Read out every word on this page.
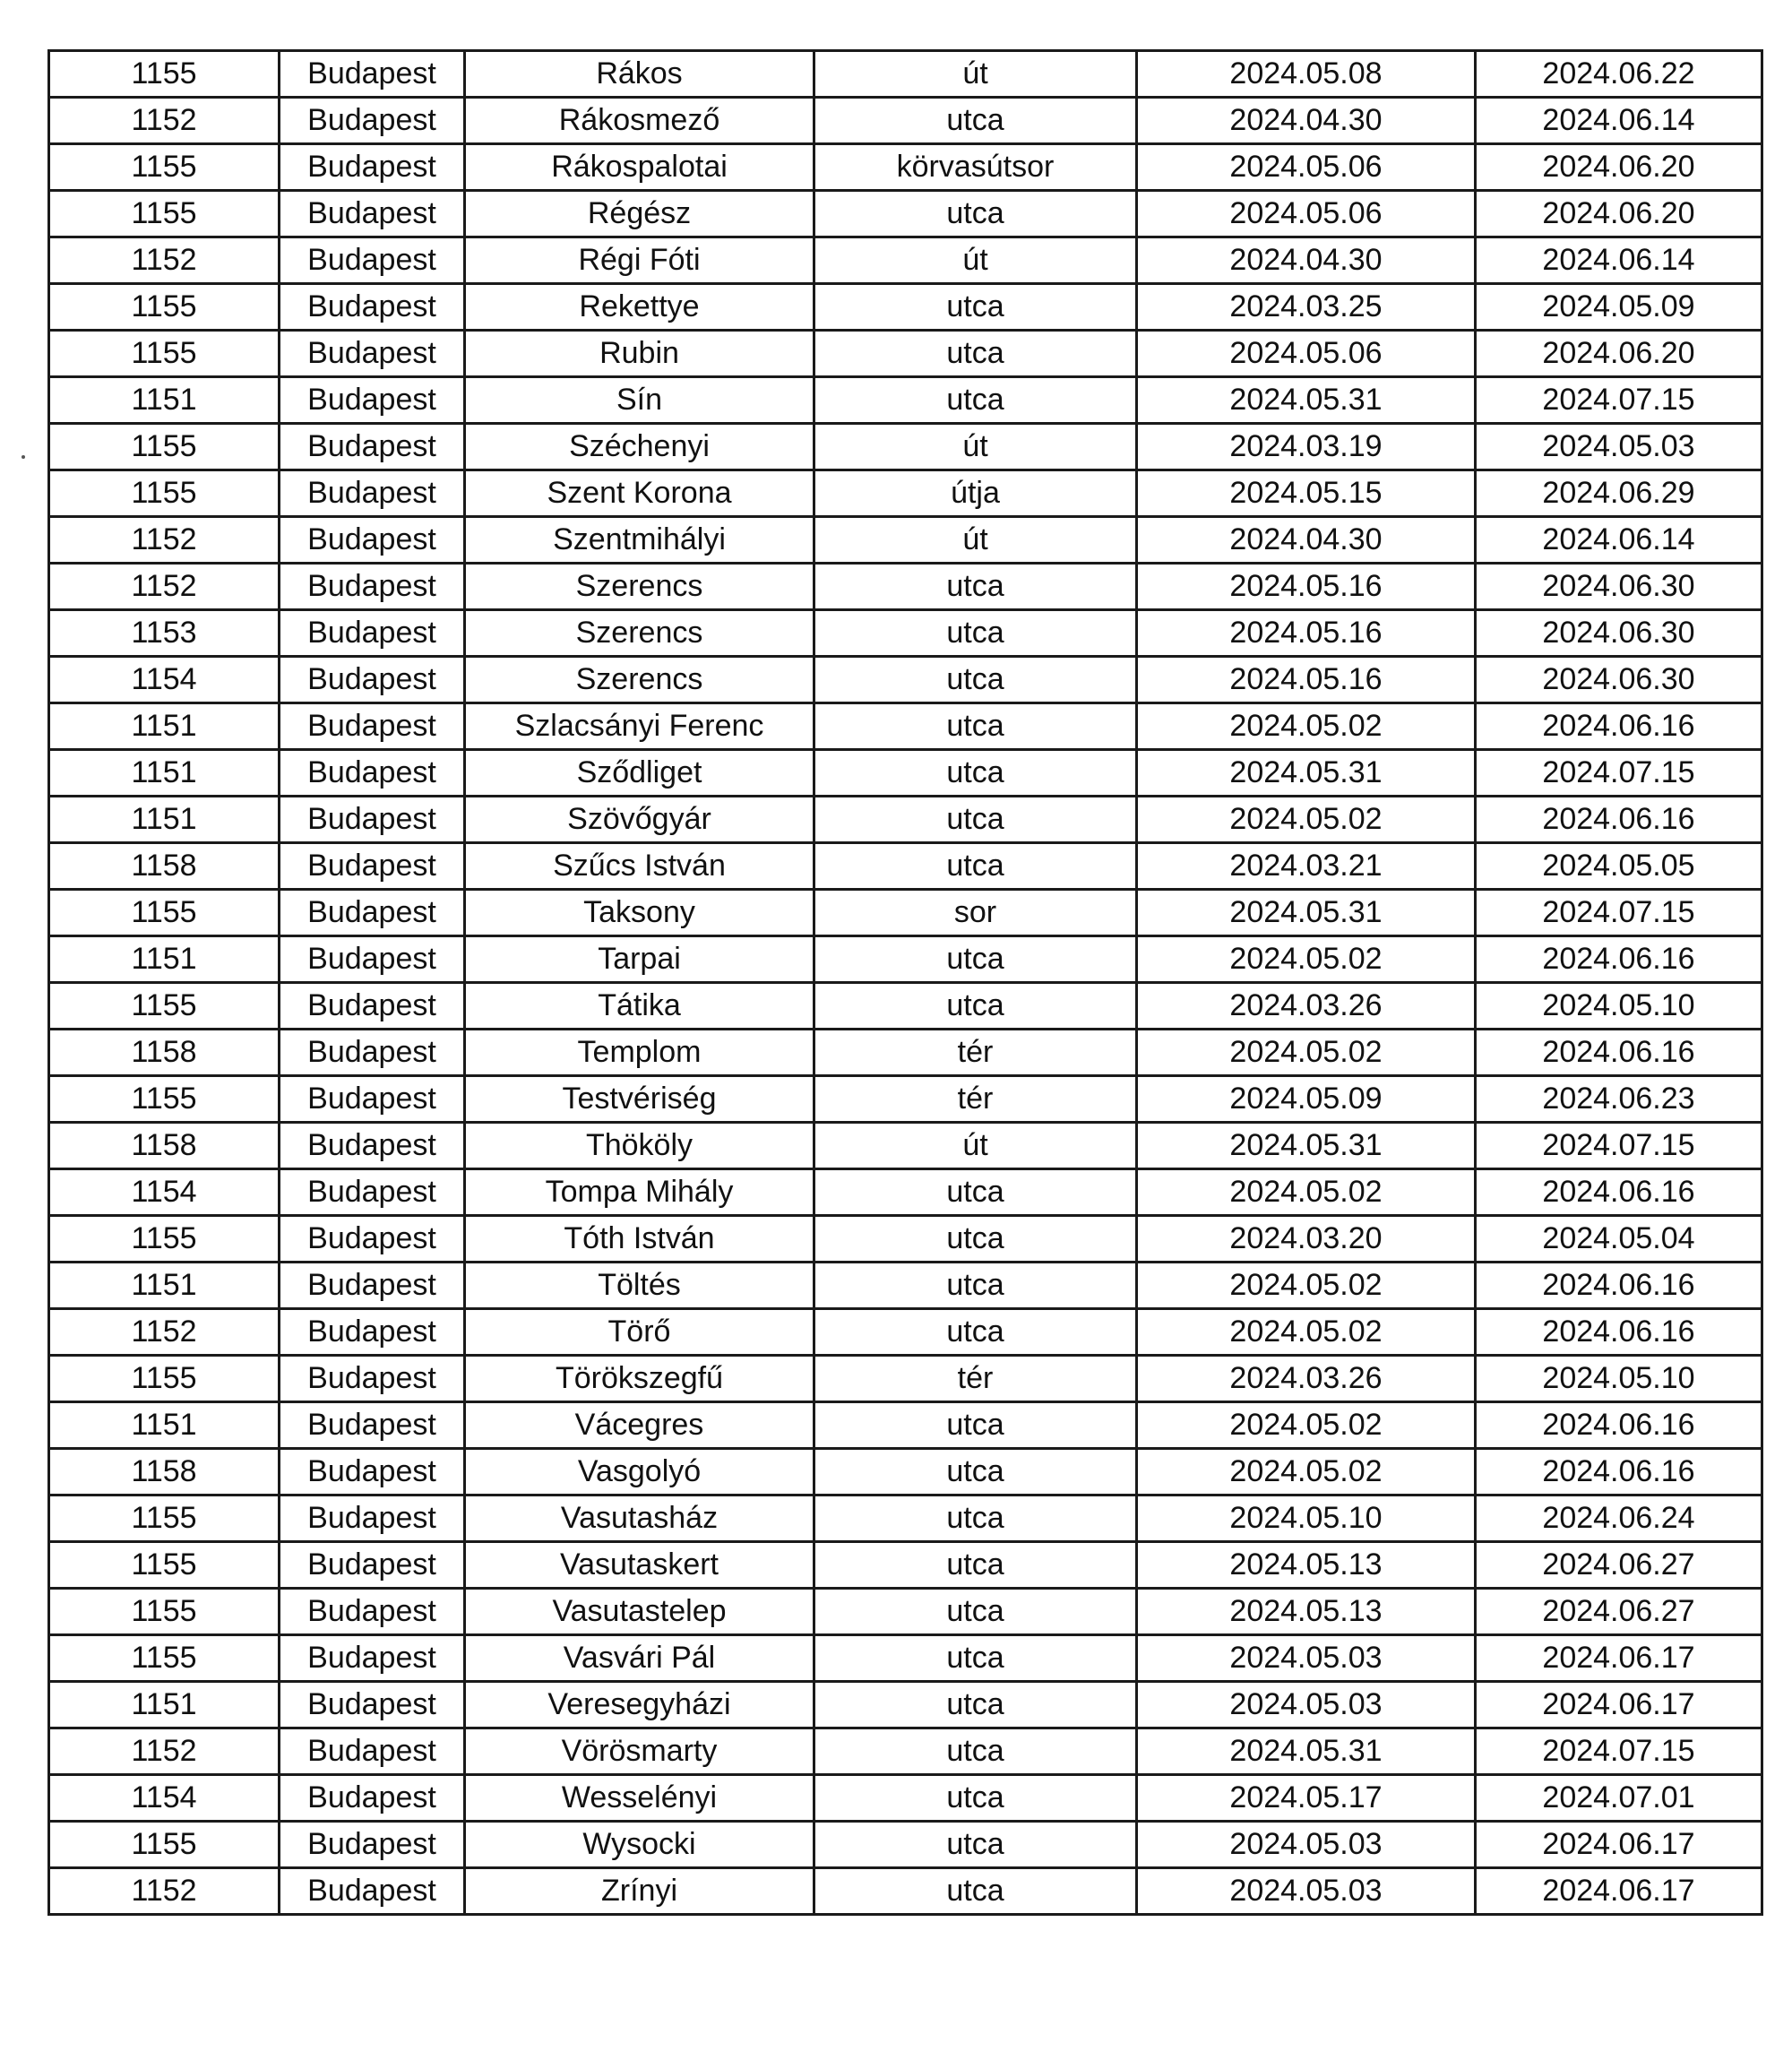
1155	Budapest	Rákos	út	2024.05.08	2024.06.22
1152	Budapest	Rákosmező	utca	2024.04.30	2024.06.14
1155	Budapest	Rákospalotai	körvasútsor	2024.05.06	2024.06.20
1155	Budapest	Régész	utca	2024.05.06	2024.06.20
1152	Budapest	Régi Fóti	út	2024.04.30	2024.06.14
1155	Budapest	Rekettye	utca	2024.03.25	2024.05.09
1155	Budapest	Rubin	utca	2024.05.06	2024.06.20
1151	Budapest	Sín	utca	2024.05.31	2024.07.15
1155	Budapest	Széchenyi	út	2024.03.19	2024.05.03
1155	Budapest	Szent Korona	útja	2024.05.15	2024.06.29
1152	Budapest	Szentmihályi	út	2024.04.30	2024.06.14
1152	Budapest	Szerencs	utca	2024.05.16	2024.06.30
1153	Budapest	Szerencs	utca	2024.05.16	2024.06.30
1154	Budapest	Szerencs	utca	2024.05.16	2024.06.30
1151	Budapest	Szlacsányi Ferenc	utca	2024.05.02	2024.06.16
1151	Budapest	Sződliget	utca	2024.05.31	2024.07.15
1151	Budapest	Szövőgyár	utca	2024.05.02	2024.06.16
1158	Budapest	Szűcs István	utca	2024.03.21	2024.05.05
1155	Budapest	Taksony	sor	2024.05.31	2024.07.15
1151	Budapest	Tarpai	utca	2024.05.02	2024.06.16
1155	Budapest	Tátika	utca	2024.03.26	2024.05.10
1158	Budapest	Templom	tér	2024.05.02	2024.06.16
1155	Budapest	Testvériség	tér	2024.05.09	2024.06.23
1158	Budapest	Thököly	út	2024.05.31	2024.07.15
1154	Budapest	Tompa Mihály	utca	2024.05.02	2024.06.16
1155	Budapest	Tóth István	utca	2024.03.20	2024.05.04
1151	Budapest	Töltés	utca	2024.05.02	2024.06.16
1152	Budapest	Törő	utca	2024.05.02	2024.06.16
1155	Budapest	Törökszegfű	tér	2024.03.26	2024.05.10
1151	Budapest	Vácegres	utca	2024.05.02	2024.06.16
1158	Budapest	Vasgolyó	utca	2024.05.02	2024.06.16
1155	Budapest	Vasutasház	utca	2024.05.10	2024.06.24
1155	Budapest	Vasutaskert	utca	2024.05.13	2024.06.27
1155	Budapest	Vasutastelep	utca	2024.05.13	2024.06.27
1155	Budapest	Vasvári Pál	utca	2024.05.03	2024.06.17
1151	Budapest	Veresegyházi	utca	2024.05.03	2024.06.17
1152	Budapest	Vörösmarty	utca	2024.05.31	2024.07.15
1154	Budapest	Wesselényi	utca	2024.05.17	2024.07.01
1155	Budapest	Wysocki	utca	2024.05.03	2024.06.17
1152	Budapest	Zrínyi	utca	2024.05.03	2024.06.17
